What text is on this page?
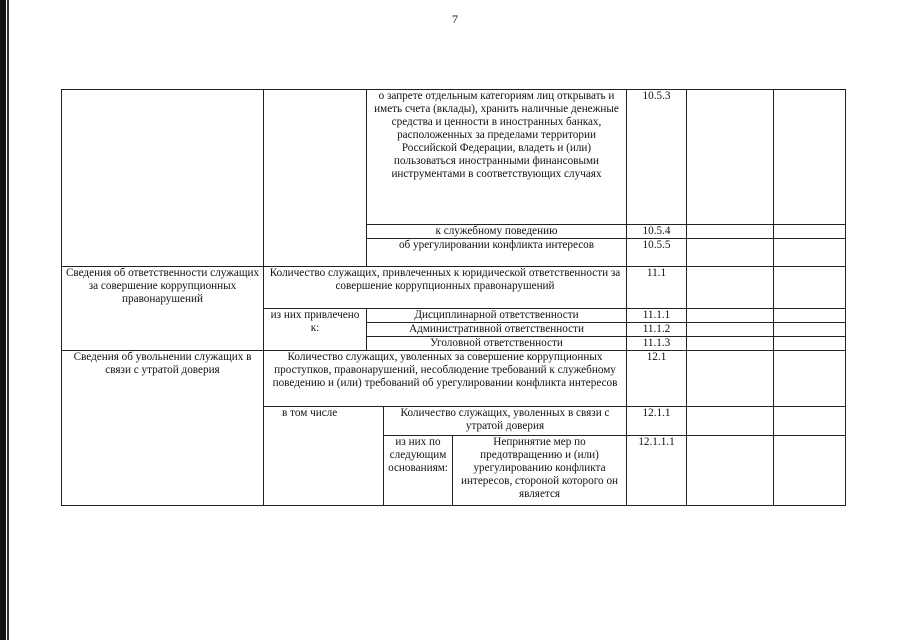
7
		о запрете отдельным категориям лиц открывать и иметь счета (вклады), хранить наличные денежные средства и ценности в иностранных банках, расположенных за пределами территории Российской Федерации, владеть и (или) пользоваться иностранными финансовыми инструментами в соответствующих случаях			10.5.3		
		к служебному поведению			10.5.4		
		об урегулировании конфликта интересов			10.5.5		
Сведения об ответственности служащих за совершение коррупционных правонарушений	Количество служащих, привлеченных к юридической ответственности за совершение коррупционных правонарушений				11.1		
	из них привлечено к:	Дисциплинарной ответственности			11.1.1		
		Административной ответственности			11.1.2		
		Уголовной ответственности			11.1.3		
Сведения об увольнении служащих в связи с утратой доверия	Количество служащих, уволенных за совершение коррупционных проступков, правонарушений, несоблюдение требований к служебному поведению и (или) требований об урегулировании конфликта интересов				12.1		
	в том числе		Количество служащих, уволенных в связи с утратой доверия		12.1.1		
			из них по следующим основаниям:	Непринятие мер по предотвращению и (или) урегулированию конфликта интересов, стороной которого он является	12.1.1.1		
